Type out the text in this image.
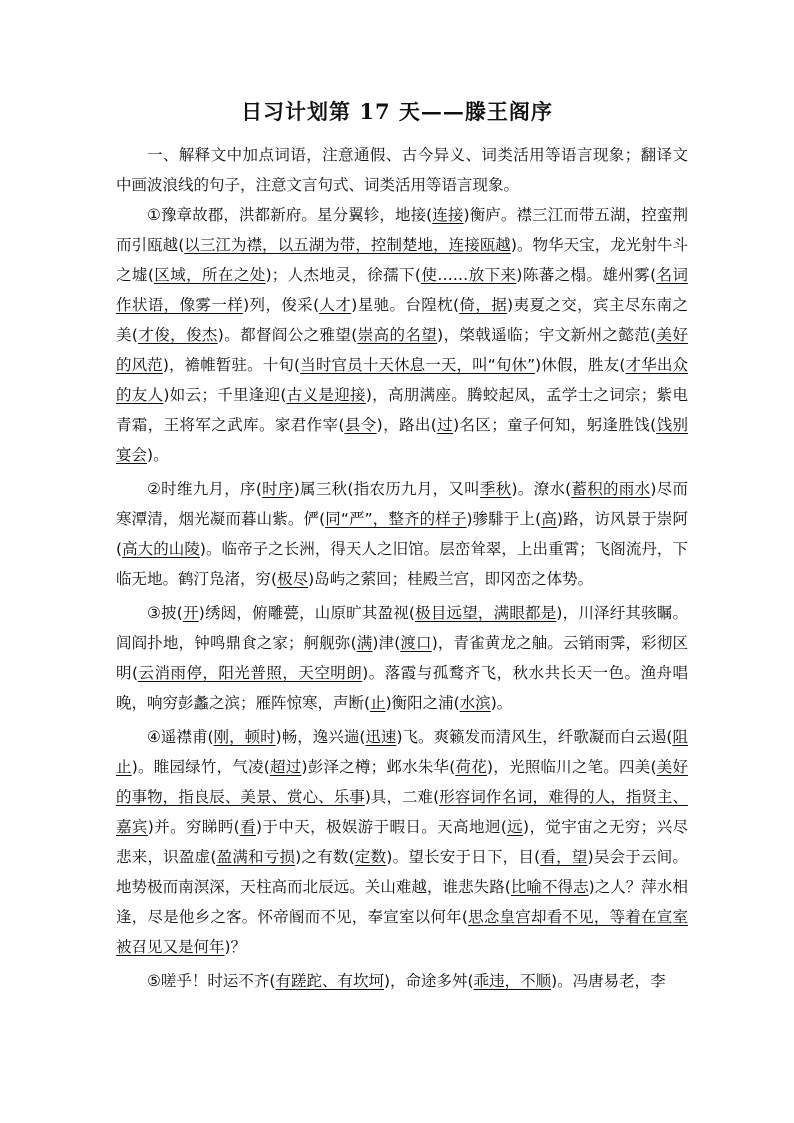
日习计划第 17 天——滕王阁序

一、解释文中加点词语，注意通假、古今异义、词类活用等语言现象；翻译文中画波浪线的句子，注意文言句式、词类活用等语言现象。

①豫章故郡，洪都新府。星分翼轸，地接(连接)衡庐。襟三江而带五湖，控蛮荆而引瓯越(以三江为襟，以五湖为带，控制楚地，连接瓯越)。物华天宝，龙光射牛斗之墟(区域，所在之处)；人杰地灵，徐孺下(使……放下来)陈蕃之榻。雄州雾(名词作状语，像雾一样)列，俊采(人才)星驰。台隍枕(倚，据)夷夏之交，宾主尽东南之美(才俊，俊杰)。都督阎公之雅望(崇高的名望)，棨戟遥临；宇文新州之懿范(美好的风范)，襜帷暂驻。十旬(当时官员十天休息一天，叫“旬休”)休假，胜友(才华出众的友人)如云；千里逢迎(古义是迎接)，高朋满座。腾蛟起凤，孟学士之词宗；紫电青霜，王将军之武库。家君作宰(县令)，路出(过)名区；童子何知，躬逢胜饯(饯别宴会)。

②时维九月，序(时序)属三秋(指农历九月，又叫季秋)。潦水(蓄积的雨水)尽而寒潭清，烟光凝而暮山紫。俨(同“严”，整齐的样子)骖騑于上(高)路，访风景于崇阿(高大的山陵)。临帝子之长洲，得天人之旧馆。层峦耸翠，上出重霄；飞阁流丹，下临无地。鹤汀凫渚，穷(极尽)岛屿之萦回；桂殿兰宫，即冈峦之体势。

③披(开)绣闼，俯雕甍，山原旷其盈视(极目远望，满眼都是)，川泽纡其骇瞩。闾阎扑地，钟鸣鼎食之家；舸舰弥(满)津(渡口)，青雀黄龙之舳。云销雨霁，彩彻区明(云消雨停，阳光普照，天空明朗)。落霞与孤鹜齐飞，秋水共长天一色。渔舟唱晚，响穷彭蠡之滨；雁阵惊寒，声断(止)衡阳之浦(水滨)。

④遥襟甫(刚，顿时)畅，逸兴遄(迅速)飞。爽籁发而清风生，纤歌凝而白云遏(阻止)。睢园绿竹，气凌(超过)彭泽之樽；邺水朱华(荷花)，光照临川之笔。四美(美好的事物，指良辰、美景、赏心、乐事)具，二难(形容词作名词，难得的人，指贤主、嘉宾)并。穷睇眄(看)于中天，极娱游于暇日。天高地迥(远)，觉宇宙之无穷；兴尽悲来，识盈虚(盈满和亏损)之有数(定数)。望长安于日下，目(看，望)吴会于云间。地势极而南溟深，天柱高而北辰远。关山难越，谁悲失路(比喻不得志)之人？萍水相逢，尽是他乡之客。怀帝阍而不见，奉宣室以何年(思念皇宫却看不见，等着在宣室被召见又是何年)？

⑤嗟乎！时运不齐(有蹉跎、有坎坷)，命途多舛(乖违，不顺)。冯唐易老，李
